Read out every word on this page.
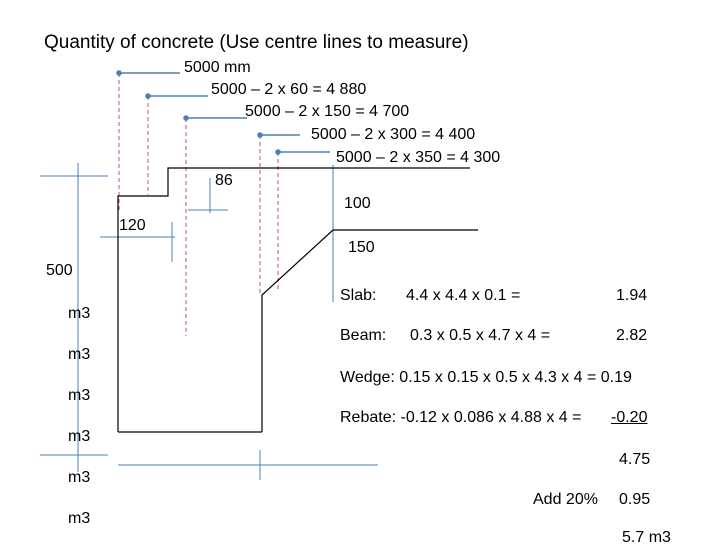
Quantity of concrete (Use centre lines to measure)
5000 mm
5000 – 2 x 60 = 4 880
5000 – 2 x 150 = 4 700
5000 – 2 x 300 = 4 400
5000 – 2 x 350 = 4 300
86
100
120
150
500
m3
m3
m3
m3
m3
m3
Slab: 4.4 x 4.4 x 0.1 =	1.94
Beam: 0.3 x 0.5 x 4.7 x 4 =	2.82
Wedge: 0.15 x 0.15 x 0.5 x 4.3 x 4 = 0.19
Rebate: -0.12 x 0.086 x 4.88 x 4 = -0.20
4.75
Add 20% 0.95
5.7 m3
